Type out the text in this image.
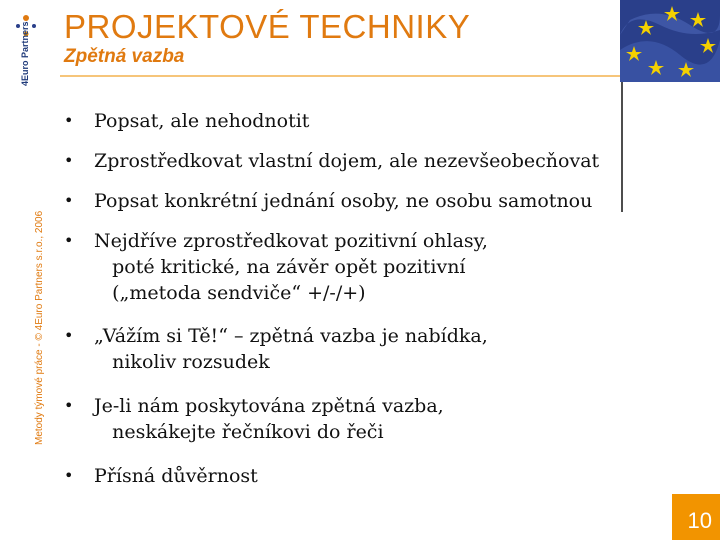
4Euro Partners
Metody týmové práce - © 4Euro Partners s.r.o., 2006
PROJEKTOVÉ TECHNIKY
Zpětná vazba
•	Popsat, ale nehodnotit
•	Zprostředkovat vlastní dojem, ale nezevšeobecňovat
•	Popsat konkrétní jednání osoby, ne osobu samotnou
•	Nejdříve zprostředkovat pozitivní ohlasy,
poté kritické, na závěr opět pozitivní
(„metoda sendviče“ +/-/+)
•	„Vážím si Tě!“ – zpětná vazba je nabídka,
nikoliv rozsudek
•	Je-li nám poskytována zpětná vazba,
neskákejte řečníkovi do řeči
•	Přísná důvěrnost
10
